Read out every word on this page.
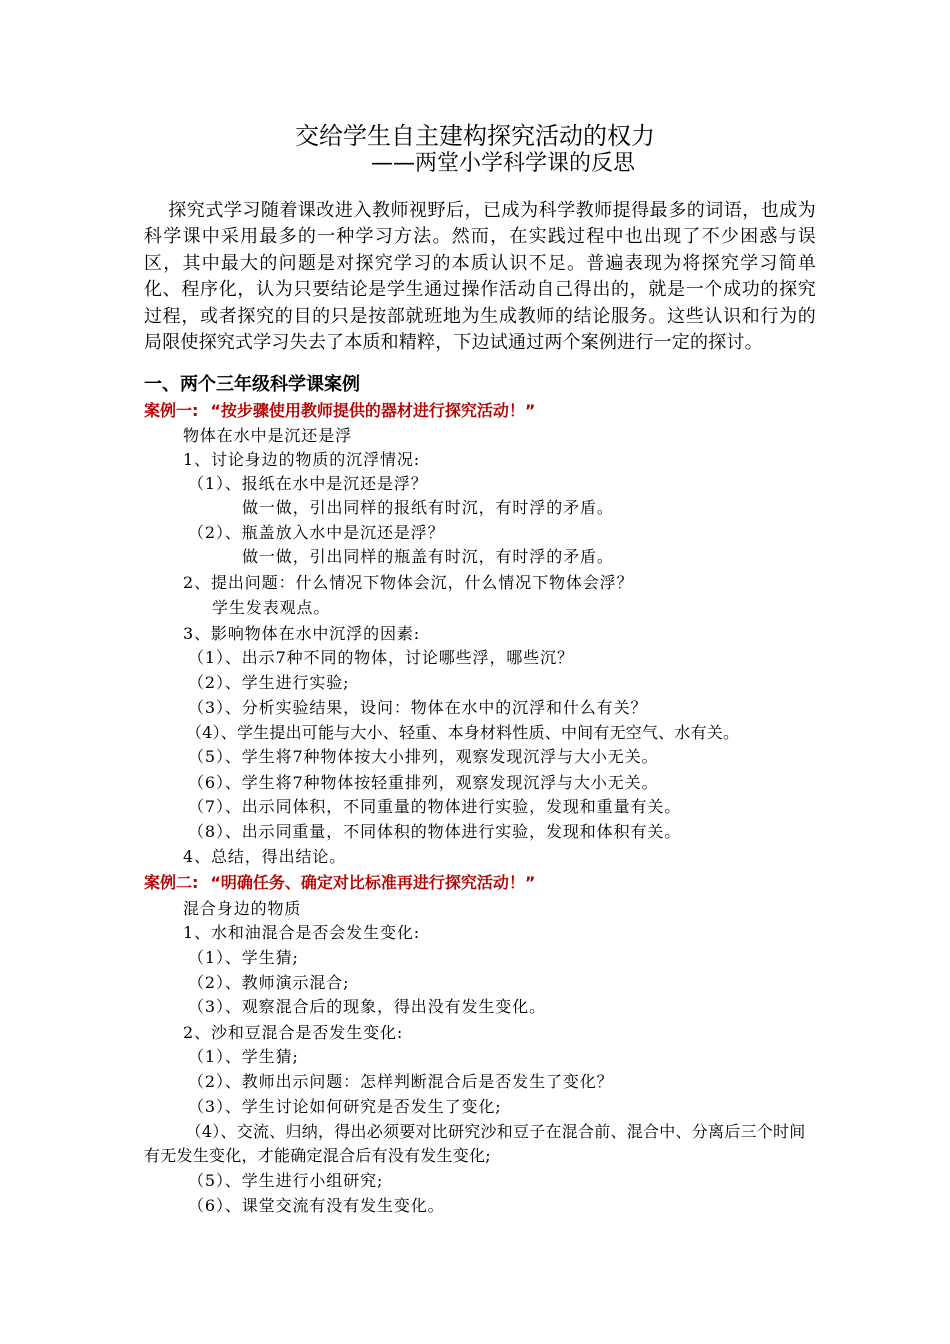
交给学生自主建构探究活动的权力
——两堂小学科学课的反思
探究式学习随着课改进入教师视野后，已成为科学教师提得最多的词语，也成为科学课中采用最多的一种学习方法。然而，在实践过程中也出现了不少困惑与误区，其中最大的问题是对探究学习的本质认识不足。普遍表现为将探究学习简单化、程序化，认为只要结论是学生通过操作活动自己得出的，就是一个成功的探究过程，或者探究的目的只是按部就班地为生成教师的结论服务。这些认识和行为的局限使探究式学习失去了本质和精粹，下边试通过两个案例进行一定的探讨。
一、两个三年级科学课案例
案例一: “按步骤使用教师提供的器材进行探究活动！”
物体在水中是沉还是浮
1、讨论身边的物质的沉浮情况:
（1）、报纸在水中是沉还是浮？
做一做，引出同样的报纸有时沉，有时浮的矛盾。
（2）、瓶盖放入水中是沉还是浮？
做一做，引出同样的瓶盖有时沉，有时浮的矛盾。
2、提出问题：什么情况下物体会沉，什么情况下物体会浮？
学生发表观点。
3、影响物体在水中沉浮的因素:
（1）、出示7种不同的物体，讨论哪些浮，哪些沉？
（2）、学生进行实验;
（3）、分析实验结果，设问：物体在水中的沉浮和什么有关？
（4）、学生提出可能与大小、轻重、本身材料性质、中间有无空气、水有关。
（5）、学生将7种物体按大小排列，观察发现沉浮与大小无关。
（6）、学生将7种物体按轻重排列，观察发现沉浮与大小无关。
（7）、出示同体积，不同重量的物体进行实验，发现和重量有关。
（8）、出示同重量，不同体积的物体进行实验，发现和体积有关。
4、总结，得出结论。
案例二: “明确任务、确定对比标准再进行探究活动！”
混合身边的物质
1、水和油混合是否会发生变化:
（1）、学生猜;
（2）、教师演示混合;
（3）、观察混合后的现象，得出没有发生变化。
2、沙和豆混合是否发生变化:
（1）、学生猜;
（2）、教师出示问题：怎样判断混合后是否发生了变化？
（3）、学生讨论如何研究是否发生了变化;
（4）、交流、归纳，得出必须要对比研究沙和豆子在混合前、混合中、分离后三个时间有无发生变化，才能确定混合后有没有发生变化;
（5）、学生进行小组研究;
（6）、课堂交流有没有发生变化。
